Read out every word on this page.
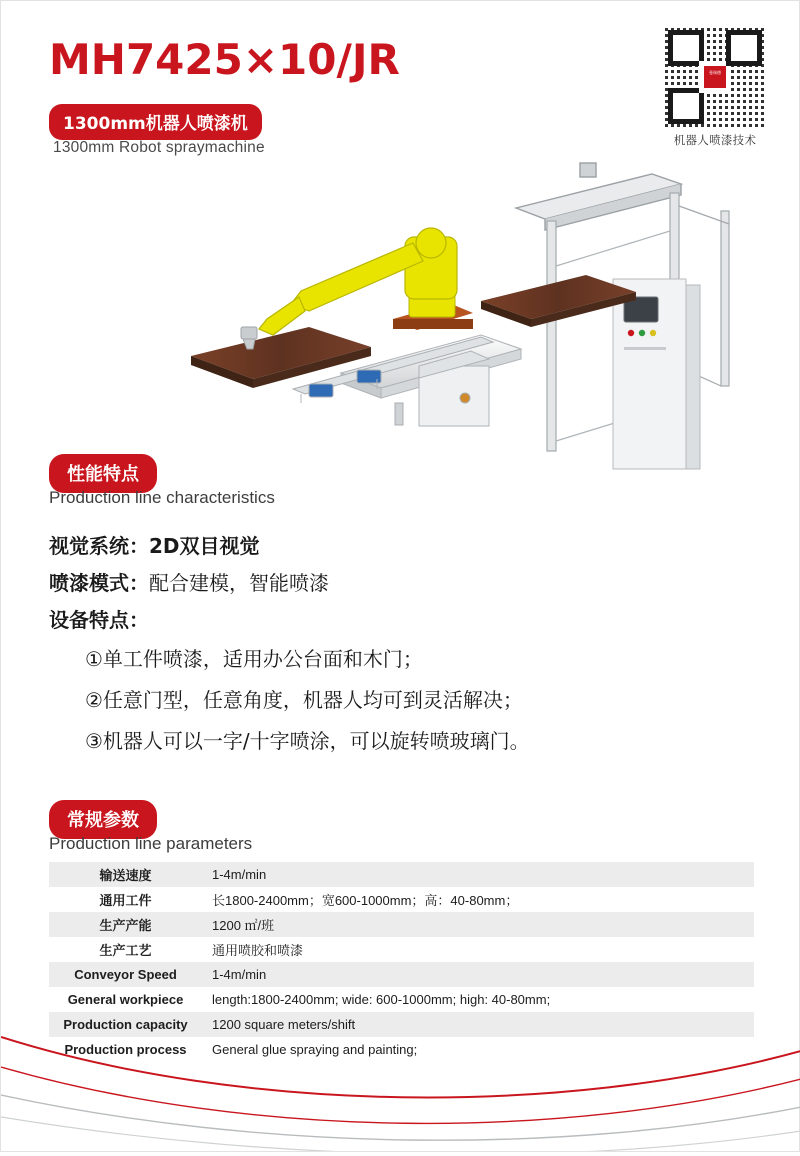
MH7425×10/JR
1300mm机器人喷漆机
1300mm Robot spraymachine
曼瑞德
机器人喷漆技术
性能特点
Production line characteristics
视觉系统：2D双目视觉
喷漆模式：配合建模，智能喷漆
设备特点：
①单工件喷漆，适用办公台面和木门；
②任意门型，任意角度，机器人均可到灵活解决；
③机器人可以一字/十字喷涂，可以旋转喷玻璃门。
常规参数
Production line parameters
输送速度	1-4m/min
通用工件	长1800-2400mm；宽600-1000mm；高：40-80mm；
生产产能	1200 ㎡/班
生产工艺	通用喷胶和喷漆
Conveyor Speed	1-4m/min
General workpiece	length:1800-2400mm; wide: 600-1000mm; high: 40-80mm;
Production capacity	1200 square meters/shift
Production process	General glue spraying and painting;
